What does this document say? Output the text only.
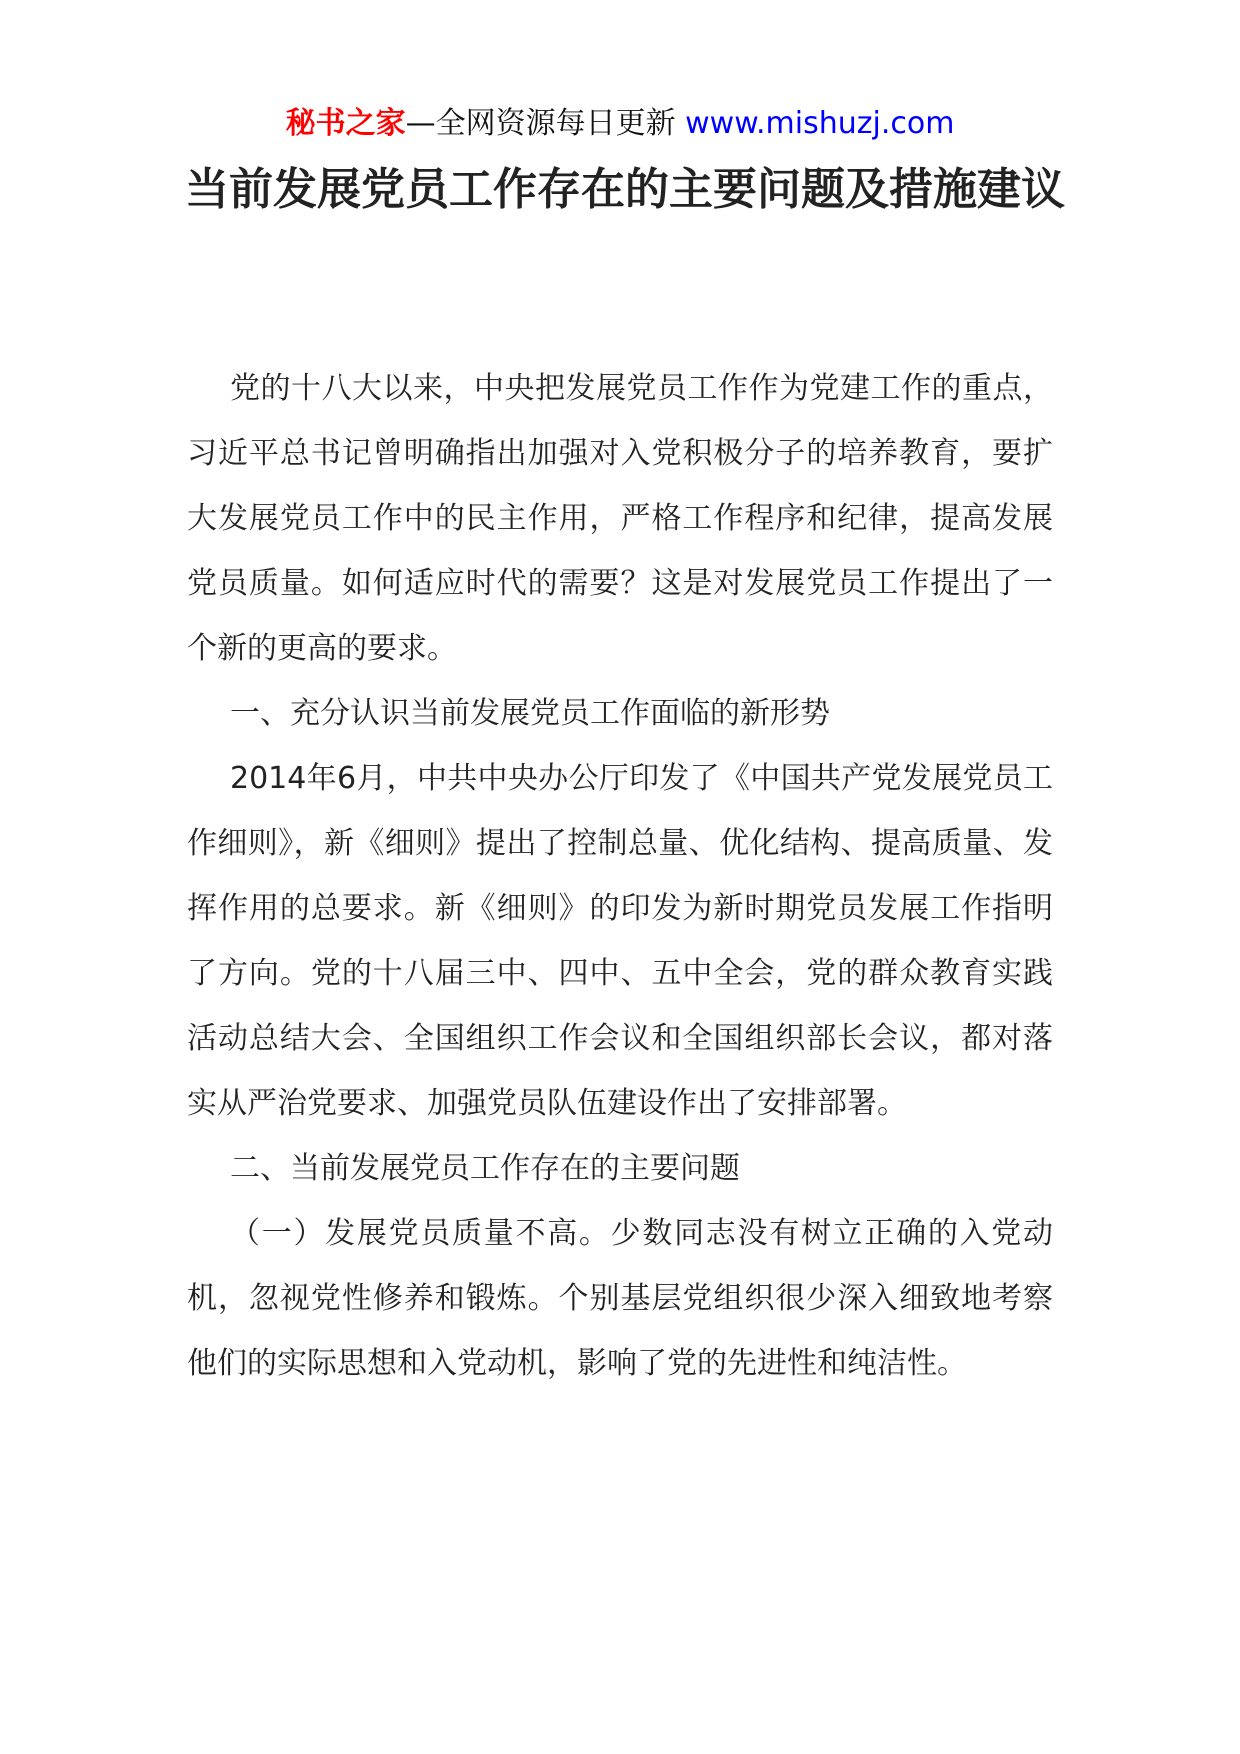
秘书之家—全网资源每日更新 www.mishuzj.com
当前发展党员工作存在的主要问题及措施建议

党的十八大以来，中央把发展党员工作作为党建工作的重点，习近平总书记曾明确指出加强对入党积极分子的培养教育，要扩大发展党员工作中的民主作用，严格工作程序和纪律，提高发展党员质量。如何适应时代的需要？这是对发展党员工作提出了一个新的更高的要求。

一、充分认识当前发展党员工作面临的新形势

2014年6月，中共中央办公厅印发了《中国共产党发展党员工作细则》，新《细则》提出了控制总量、优化结构、提高质量、发挥作用的总要求。新《细则》的印发为新时期党员发展工作指明了方向。党的十八届三中、四中、五中全会，党的群众教育实践活动总结大会、全国组织工作会议和全国组织部长会议，都对落实从严治党要求、加强党员队伍建设作出了安排部署。

二、当前发展党员工作存在的主要问题

（一）发展党员质量不高。少数同志没有树立正确的入党动机，忽视党性修养和锻炼。个别基层党组织很少深入细致地考察他们的实际思想和入党动机，影响了党的先进性和纯洁性。
